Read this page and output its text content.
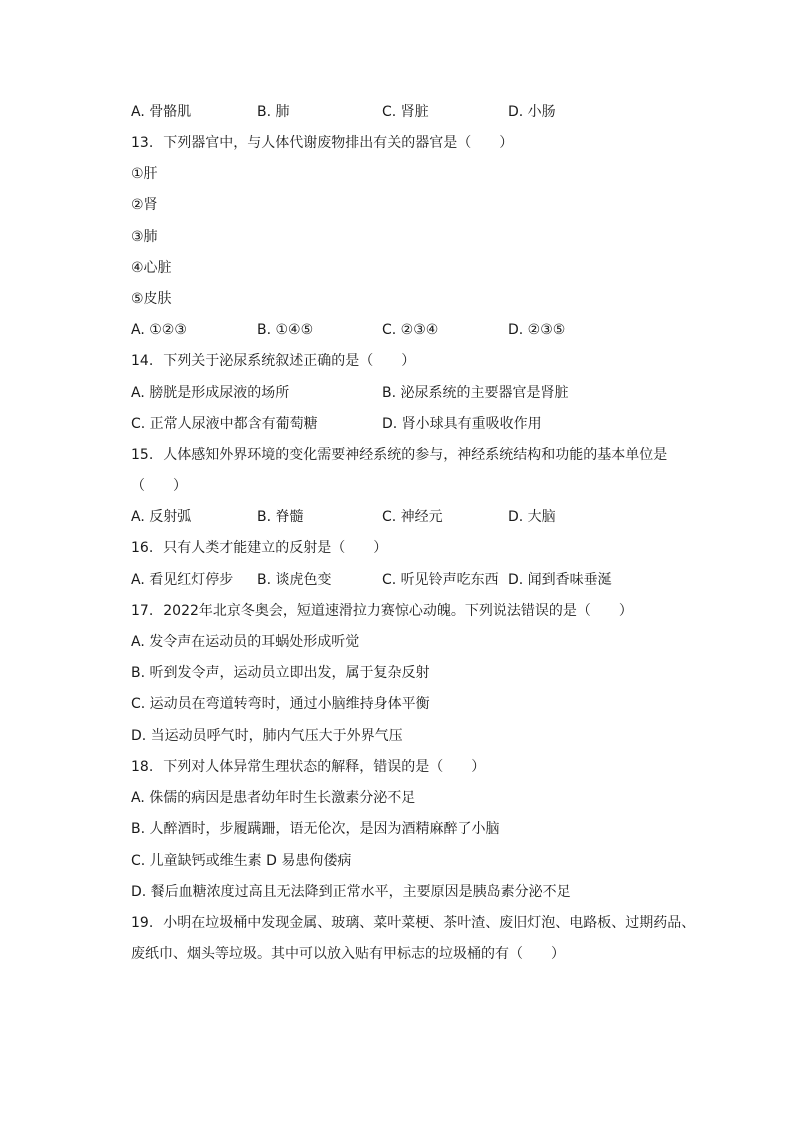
A. 骨骼肌	B. 肺	C. 肾脏	D. 小肠
13. 下列器官中，与人体代谢废物排出有关的器官是（　　）
①肝
②肾
③肺
④心脏
⑤皮肤
A. ①②③	B. ①④⑤	C. ②③④	D. ②③⑤
14. 下列关于泌尿系统叙述正确的是（　　）
A. 膀胱是形成尿液的场所	B. 泌尿系统的主要器官是肾脏
C. 正常人尿液中都含有葡萄糖	D. 肾小球具有重吸收作用
15. 人体感知外界环境的变化需要神经系统的参与，神经系统结构和功能的基本单位是
（　　）
A. 反射弧	B. 脊髓	C. 神经元	D. 大脑
16. 只有人类才能建立的反射是（　　）
A. 看见红灯停步 B. 谈虎色变	C. 听见铃声吃东西 D. 闻到香味垂涎
17. 2022年北京冬奥会，短道速滑拉力赛惊心动魄。下列说法错误的是（　　）
A. 发令声在运动员的耳蜗处形成听觉
B. 听到发令声，运动员立即出发，属于复杂反射
C. 运动员在弯道转弯时，通过小脑维持身体平衡
D. 当运动员呼气时，肺内气压大于外界气压
18. 下列对人体异常生理状态的解释，错误的是（　　）
A. 侏儒的病因是患者幼年时生长激素分泌不足
B. 人醉酒时，步履蹒跚，语无伦次，是因为酒精麻醉了小脑
C. 儿童缺钙或维生素 D 易患佝偻病
D. 餐后血糖浓度过高且无法降到正常水平，主要原因是胰岛素分泌不足
19. 小明在垃圾桶中发现金属、玻璃、菜叶菜梗、茶叶渣、废旧灯泡、电路板、过期药品、
废纸巾、烟头等垃圾。其中可以放入贴有甲标志的垃圾桶的有（　　）
